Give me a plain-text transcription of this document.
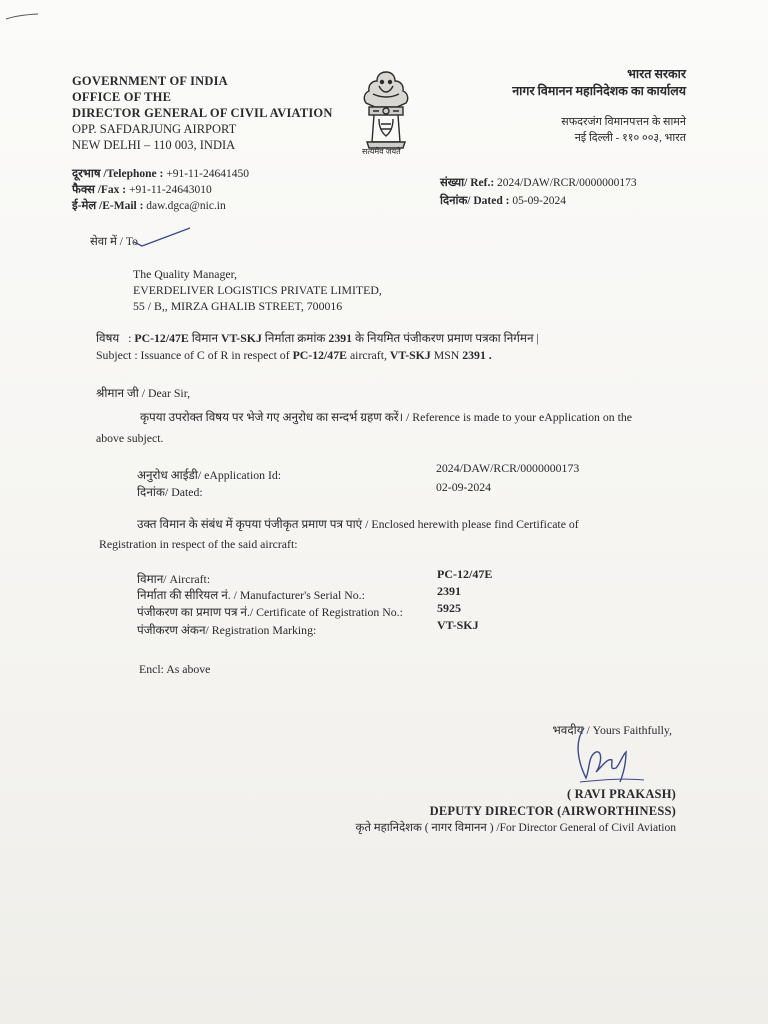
GOVERNMENT OF INDIA
OFFICE OF THE
DIRECTOR GENERAL OF CIVIL AVIATION
OPP. SAFDARJUNG AIRPORT
NEW DELHI – 110 003, INDIA	सत्यमेव जयते
भारत सरकार
नागर विमानन महानिदेशक का कार्यालय
सफदरजंग विमानपत्तन के सामने
नई दिल्ली - ११० ००३, भारत
दूरभाष /Telephone : +91-11-24641450
फैक्स /Fax : +91-11-24643010
ई-मेल /E-Mail : daw.dgca@nic.in
संख्या/ Ref.: 2024/DAW/RCR/0000000173
दिनांक/ Dated : 05-09-2024
सेवा में / To
The Quality Manager,
EVERDELIVER LOGISTICS PRIVATE LIMITED,
55 / B,, MIRZA GHALIB STREET, 700016
विषय : PC-12/47E विमान VT-SKJ निर्माता क्रमांक 2391 के नियमित पंजीकरण प्रमाण पत्रका निर्गमन |
Subject : Issuance of C of R in respect of PC-12/47E aircraft, VT-SKJ MSN 2391 .
श्रीमान जी / Dear Sir,
कृपया उपरोक्त विषय पर भेजे गए अनुरोध का सन्दर्भ ग्रहण करें। / Reference is made to your eApplication on the
above subject.
अनुरोध आईडी/ eApplication Id:	2024/DAW/RCR/0000000173
दिनांक/ Dated:	02-09-2024
उक्त विमान के संबंध में कृपया पंजीकृत प्रमाण पत्र पाएं / Enclosed herewith please find Certificate of
Registration in respect of the said aircraft:
विमान/ Aircraft:	PC-12/47E
निर्माता की सीरियल नं. / Manufacturer's Serial No.:	2391
पंजीकरण का प्रमाण पत्र नं./ Certificate of Registration No.:	5925
पंजीकरण अंकन/ Registration Marking:	VT-SKJ
Encl: As above
भवदीय / Yours Faithfully,
( RAVI PRAKASH)
DEPUTY DIRECTOR (AIRWORTHINESS)
कृते महानिदेशक ( नागर विमानन ) /For Director General of Civil Aviation
